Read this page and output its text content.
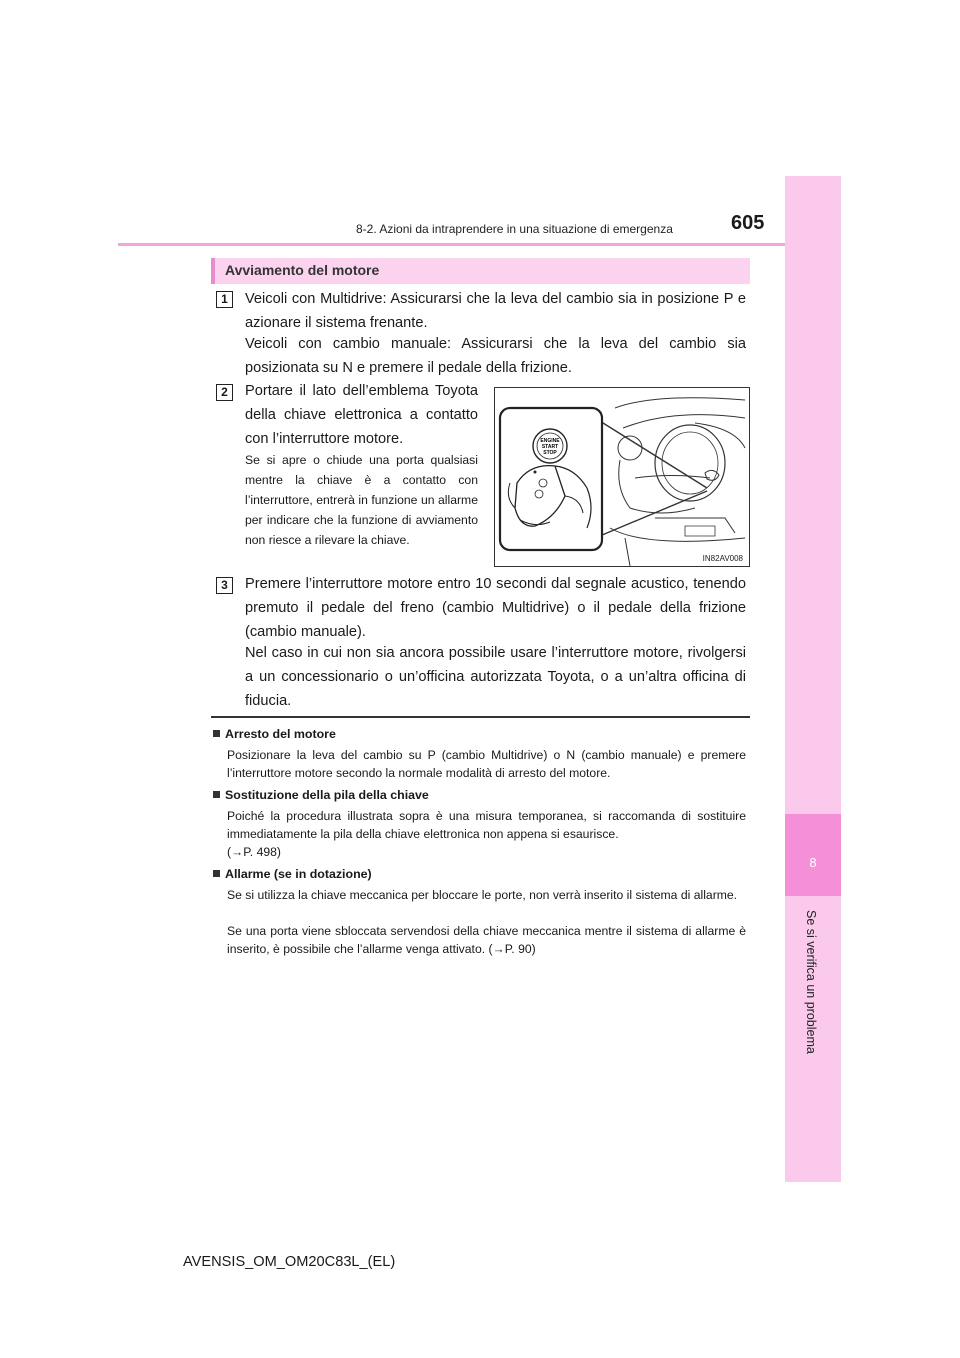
8
Se si verifica un problema
8-2. Azioni da intraprendere in una situazione di emergenza	605
Avviamento del motore
1	Veicoli con Multidrive: Assicurarsi che la leva del cambio sia in posizione P e azionare il sistema frenante.
Veicoli con cambio manuale: Assicurarsi che la leva del cambio sia posizionata su N e premere il pedale della frizione.
2	Portare il lato dell’emblema Toyota della chiave elettronica a contatto con l’interruttore motore.
Se si apre o chiude una porta qualsiasi mentre la chiave è a contatto con l’interruttore, entrerà in funzione un allarme per indicare che la funzione di avviamento non riesce a rilevare la chiave.
ENGINE
START
STOP
IN82AV008
3	Premere l’interruttore motore entro 10 secondi dal segnale acustico, tenendo premuto il pedale del freno (cambio Multidrive) o il pedale della frizione (cambio manuale).
Nel caso in cui non sia ancora possibile usare l’interruttore motore, rivolgersi a un concessionario o un’officina autorizzata Toyota, o a un’altra officina di fiducia.
Arresto del motore
Posizionare la leva del cambio su P (cambio Multidrive) o N (cambio manuale) e premere l’interruttore motore secondo la normale modalità di arresto del motore.
Sostituzione della pila della chiave
Poiché la procedura illustrata sopra è una misura temporanea, si raccomanda di sostituire immediatamente la pila della chiave elettronica non appena si esaurisce.
(→P. 498)
Allarme (se in dotazione)
Se si utilizza la chiave meccanica per bloccare le porte, non verrà inserito il sistema di allarme.
Se una porta viene sbloccata servendosi della chiave meccanica mentre il sistema di allarme è inserito, è possibile che l’allarme venga attivato. (→P. 90)
AVENSIS_OM_OM20C83L_(EL)
